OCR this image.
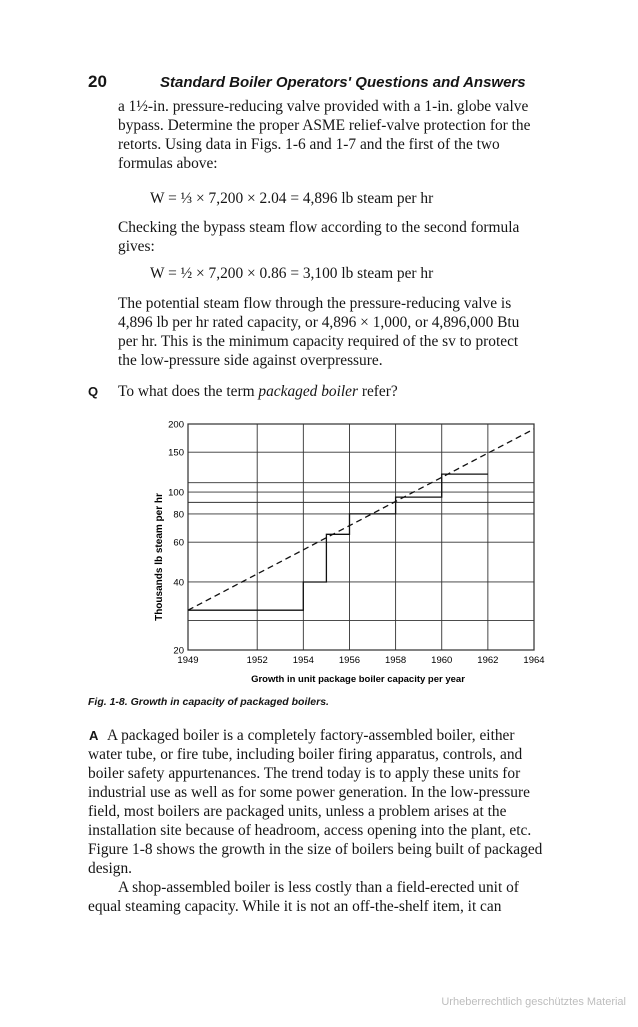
20	Standard Boiler Operators' Questions and Answers
a 1½-in. pressure-reducing valve provided with a 1-in. globe valve
bypass. Determine the proper ASME relief-valve protection for the
retorts. Using data in Figs. 1-6 and 1-7 and the first of the two
formulas above:
W = ⅓ × 7,200 × 2.04 = 4,896 lb steam per hr
Checking the bypass steam flow according to the second formula
gives:
W = ½ × 7,200 × 0.86 = 3,100 lb steam per hr
The potential steam flow through the pressure-reducing valve is
4,896 lb per hr rated capacity, or 4,896 × 1,000, or 4,896,000 Btu
per hr. This is the minimum capacity required of the sv to protect
the low-pressure side against overpressure.
Q To what does the term packaged boiler refer?
20
40
60
80
100
150
200
1949	1952	1954	1956	1958	1960	1962	1964
Thousands lb steam per hr
Growth in unit package boiler capacity per year
Fig. 1-8. Growth in capacity of packaged boilers.
A A packaged boiler is a completely factory-assembled boiler, either
water tube, or fire tube, including boiler firing apparatus, controls, and
boiler safety appurtenances. The trend today is to apply these units for
industrial use as well as for some power generation. In the low-pressure
field, most boilers are packaged units, unless a problem arises at the
installation site because of headroom, access opening into the plant, etc.
Figure 1-8 shows the growth in the size of boilers being built of packaged
design.
A shop-assembled boiler is less costly than a field-erected unit of
equal steaming capacity. While it is not an off-the-shelf item, it can
Urheberrechtlich geschütztes Material
